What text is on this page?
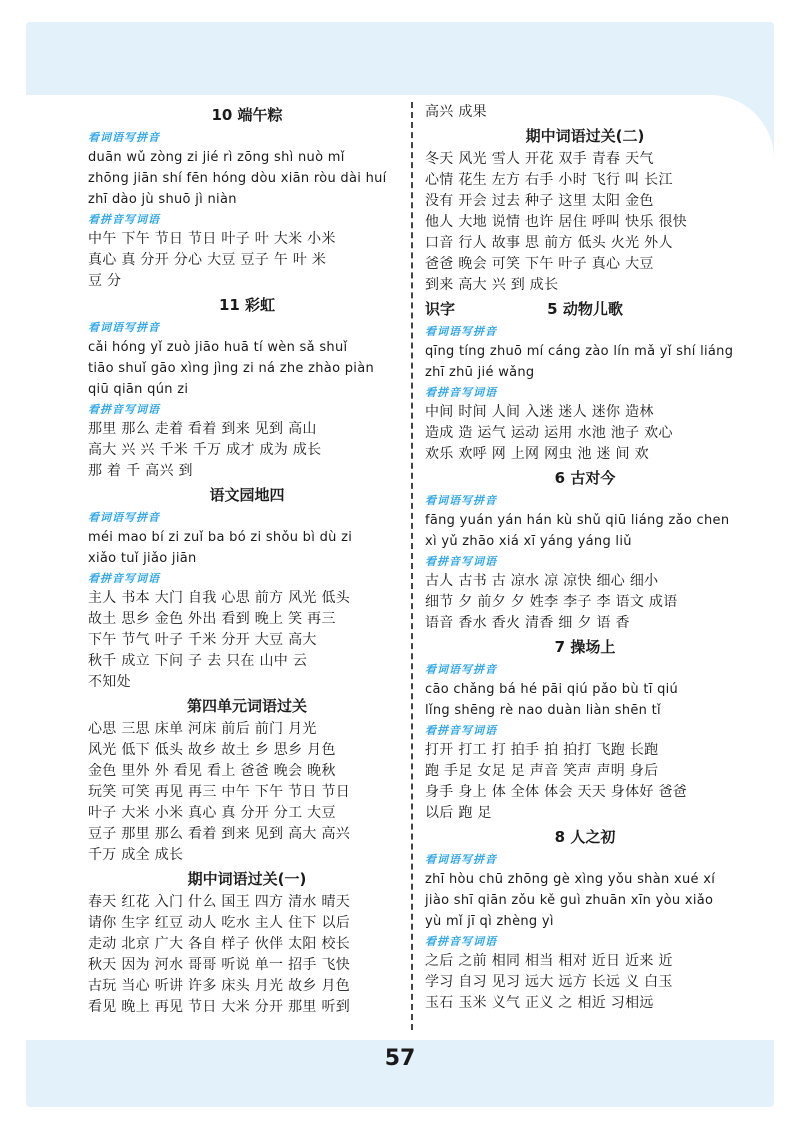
10 端午粽
看词语写拼音
duān wǔ zòng zi jié rì zōng shì nuò mǐ
zhōng jiān shí fēn hóng dòu xiān ròu dài huí
zhī dào jù shuō jì niàn
看拼音写词语
中午 下午 节日 节日 叶子 叶 大米 小米
真心 真 分开 分心 大豆 豆子 午 叶 米
豆 分
11 彩虹
看词语写拼音
cǎi hóng yǐ zuò jiāo huā tí wèn sǎ shuǐ
tiāo shuǐ gāo xìng jìng zi ná zhe zhào piàn
qiū qiān qún zi
看拼音写词语
那里 那么 走着 看着 到来 见到 高山
高大 兴 兴 千米 千万 成才 成为 成长
那 着 千 高兴 到
语文园地四
看词语写拼音
méi mao bí zi zuǐ ba bó zi shǒu bì dù zi
xiǎo tuǐ jiǎo jiān
看拼音写词语
主人 书本 大门 自我 心思 前方 风光 低头
故土 思乡 金色 外出 看到 晚上 笑 再三
下午 节气 叶子 千米 分开 大豆 高大
秋千 成立 下问 子 去 只在 山中 云
不知处
第四单元词语过关
心思 三思 床单 河床 前后 前门 月光
风光 低下 低头 故乡 故土 乡 思乡 月色
金色 里外 外 看见 看上 爸爸 晚会 晚秋
玩笑 可笑 再见 再三 中午 下午 节日 节日
叶子 大米 小米 真心 真 分开 分工 大豆
豆子 那里 那么 看着 到来 见到 高大 高兴
千万 成全 成长
期中词语过关(一)
春天 红花 入门 什么 国王 四方 清水 晴天
请你 生字 红豆 动人 吃水 主人 住下 以后
走动 北京 广大 各自 样子 伙伴 太阳 校长
秋天 因为 河水 哥哥 听说 单一 招手 飞快
古玩 当心 听讲 许多 床头 月光 故乡 月色
看见 晚上 再见 节日 大米 分开 那里 听到
高兴 成果
期中词语过关(二)
冬天 风光 雪人 开花 双手 青春 天气
心情 花生 左方 右手 小时 飞行 叫 长江
没有 开会 过去 种子 这里 太阳 金色
他人 大地 说情 也许 居住 呼叫 快乐 很快
口音 行人 故事 思 前方 低头 火光 外人
爸爸 晚会 可笑 下午 叶子 真心 大豆
到来 高大 兴 到 成长
识字	5 动物儿歌
看词语写拼音
qīng tíng zhuō mí cáng zào lín mǎ yǐ shí liáng
zhī zhū jié wǎng
看拼音写词语
中间 时间 人间 入迷 迷人 迷你 造林
造成 造 运气 运动 运用 水池 池子 欢心
欢乐 欢呼 网 上网 网虫 池 迷 间 欢
6 古对今
看词语写拼音
fāng yuán yán hán kù shǔ qiū liáng zǎo chen
xì yǔ zhāo xiá xī yáng yáng liǔ
看拼音写词语
古人 古书 古 凉水 凉 凉快 细心 细小
细节 夕 前夕 夕 姓李 李子 李 语文 成语
语音 香水 香火 清香 细 夕 语 香
7 操场上
看词语写拼音
cāo chǎng bá hé pāi qiú pǎo bù tī qiú
lǐng shēng rè nao duàn liàn shēn tǐ
看拼音写词语
打开 打工 打 拍手 拍 拍打 飞跑 长跑
跑 手足 女足 足 声音 笑声 声明 身后
身手 身上 体 全体 体会 天天 身体好 爸爸
以后 跑 足
8 人之初
看词语写拼音
zhī hòu chū zhōng gè xìng yǒu shàn xué xí
jiào shī qiān zǒu kě guì zhuān xīn yòu xiǎo
yù mǐ jī qì zhèng yì
看拼音写词语
之后 之前 相同 相当 相对 近日 近来 近
学习 自习 见习 远大 远方 长远 义 白玉
玉石 玉米 义气 正义 之 相近 习相远
57
